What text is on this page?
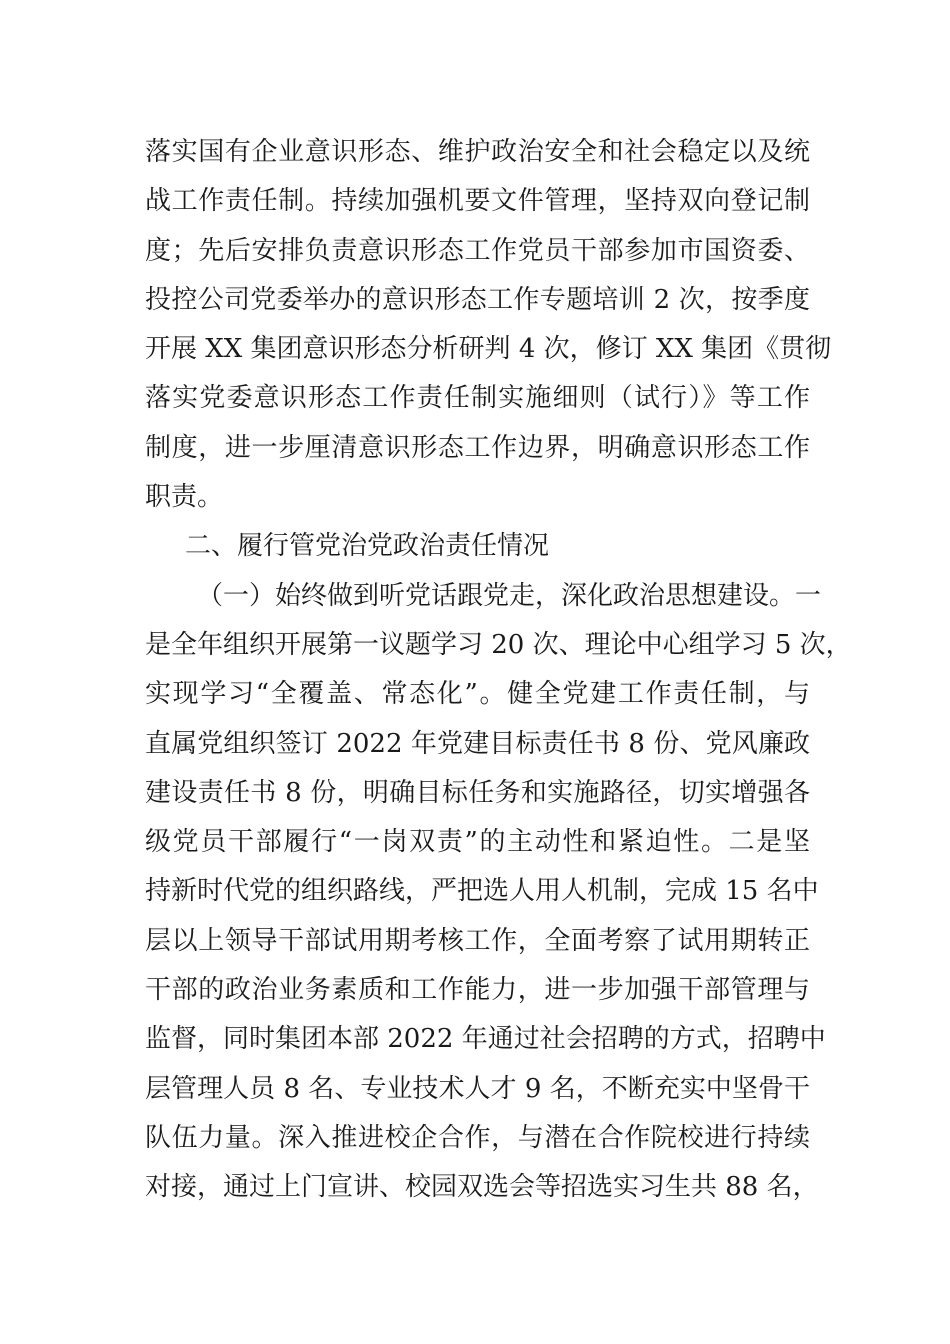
落实国有企业意识形态、维护政治安全和社会稳定以及统
战工作责任制。持续加强机要文件管理，坚持双向登记制
度；先后安排负责意识形态工作党员干部参加市国资委、
投控公司党委举办的意识形态工作专题培训 2 次，按季度
开展 XX 集团意识形态分析研判 4 次，修订 XX 集团《贯彻
落实党委意识形态工作责任制实施细则（试行）》等工作
制度，进一步厘清意识形态工作边界，明确意识形态工作
职责。
二、履行管党治党政治责任情况
（一）始终做到听党话跟党走，深化政治思想建设。一
是全年组织开展第一议题学习 20 次、理论中心组学习 5 次，
实现学习“全覆盖、常态化”。健全党建工作责任制，与
直属党组织签订 2022 年党建目标责任书 8 份、党风廉政
建设责任书 8 份，明确目标任务和实施路径，切实增强各
级党员干部履行“一岗双责”的主动性和紧迫性。二是坚
持新时代党的组织路线，严把选人用人机制，完成 15 名中
层以上领导干部试用期考核工作，全面考察了试用期转正
干部的政治业务素质和工作能力，进一步加强干部管理与
监督，同时集团本部 2022 年通过社会招聘的方式，招聘中
层管理人员 8 名、专业技术人才 9 名，不断充实中坚骨干
队伍力量。深入推进校企合作，与潜在合作院校进行持续
对接，通过上门宣讲、校园双选会等招选实习生共 88 名，
